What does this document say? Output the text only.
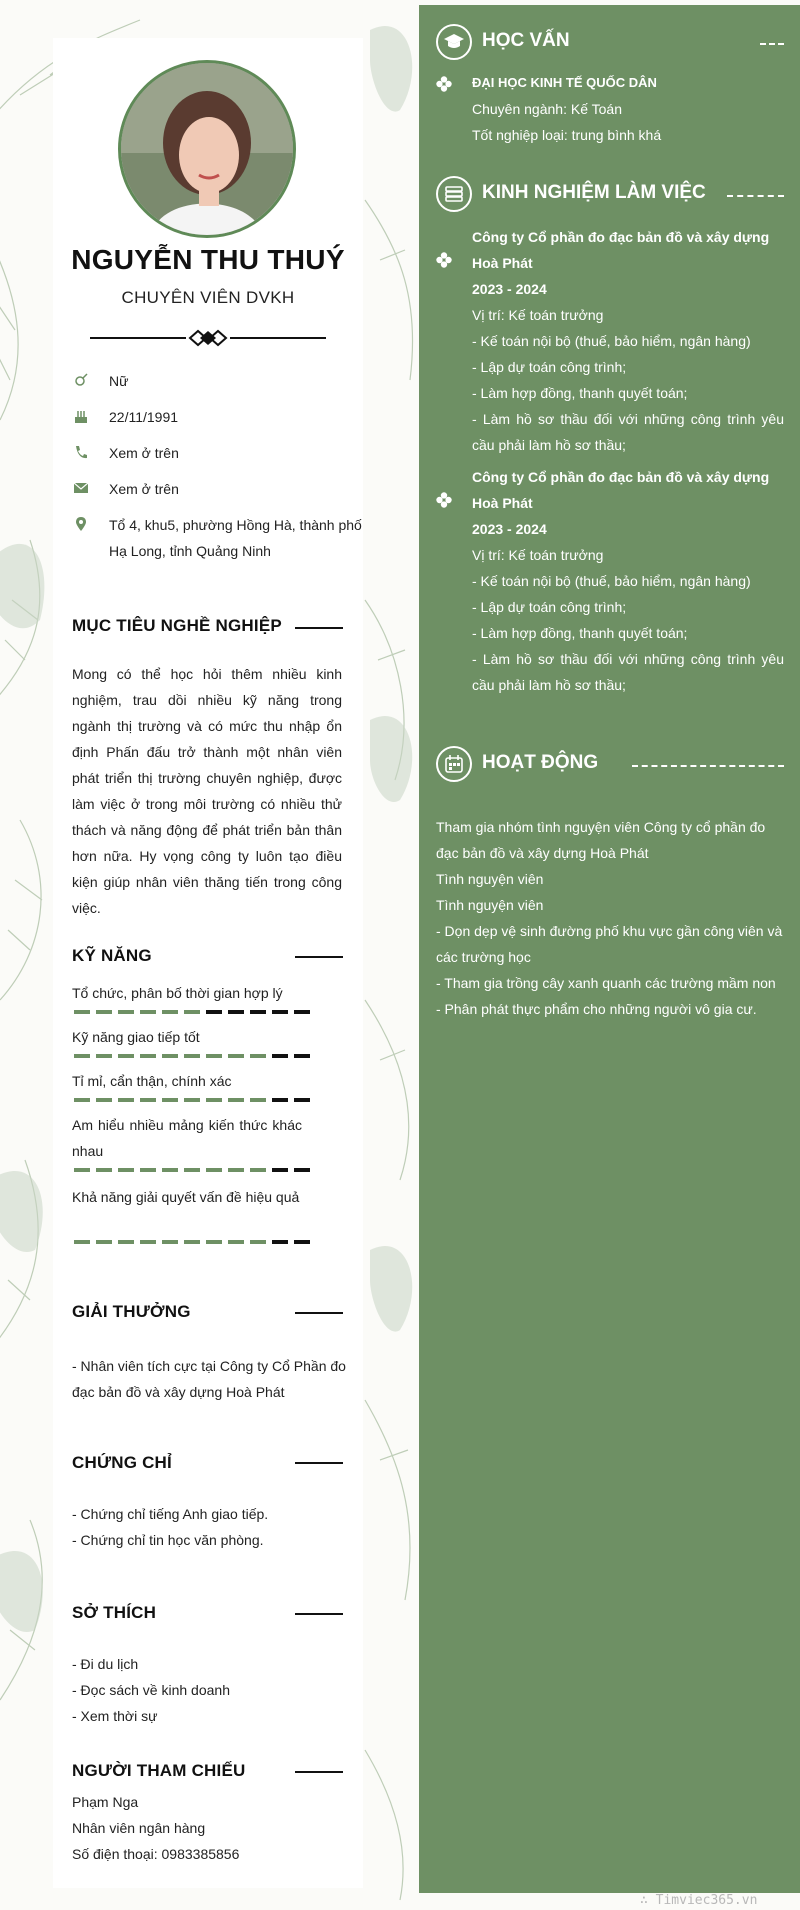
NGUYỄN THU THUÝ
CHUYÊN VIÊN DVKH
Nữ
22/11/1991
Xem ở trên
Xem ở trên
Tổ 4, khu5, phường Hồng Hà, thành phố Hạ Long, tỉnh Quảng Ninh
MỤC TIÊU NGHỀ NGHIỆP
Mong có thể học hỏi thêm nhiều kinh nghiệm, trau dồi nhiều kỹ năng trong ngành thị trường và có mức thu nhập ổn định Phấn đấu trở thành một nhân viên phát triển thị trường chuyên nghiệp, được làm việc ở trong môi trường có nhiều thử thách và năng động để phát triển bản thân hơn nữa. Hy vọng công ty luôn tạo điều kiện giúp nhân viên thăng tiến trong công việc.
KỸ NĂNG
Tổ chức, phân bố thời gian hợp lý
Kỹ năng giao tiếp tốt
Tỉ mỉ, cẩn thận, chính xác
Am hiểu nhiều mảng kiến thức khác nhau
Khả năng giải quyết vấn đề hiệu quả
GIẢI THƯỞNG
- Nhân viên tích cực tại Công ty Cổ Phần đo đạc bản đồ và xây dựng Hoà Phát
CHỨNG CHỈ
- Chứng chỉ tiếng Anh giao tiếp.
- Chứng chỉ tin học văn phòng.
SỞ THÍCH
- Đi du lịch
- Đọc sách về kinh doanh
- Xem thời sự
NGƯỜI THAM CHIẾU
Phạm Nga
Nhân viên ngân hàng
Số điện thoại: 0983385856
HỌC VẤN
ĐẠI HỌC KINH TẾ QUỐC DÂN
Chuyên ngành: Kế Toán
Tốt nghiệp loại: trung bình khá
KINH NGHIỆM LÀM VIỆC
Công ty Cổ phần đo đạc bản đồ và xây dựng Hoà Phát
2023 - 2024
Vị trí: Kế toán trưởng
- Kế toán nội bộ (thuế, bảo hiểm, ngân hàng)
- Lập dự toán công trình;
- Làm hợp đồng, thanh quyết toán;
- Làm hồ sơ thầu đối với những công trình yêu cầu phải làm hồ sơ thầu;
Công ty Cổ phần đo đạc bản đồ và xây dựng Hoà Phát
2023 - 2024
Vị trí: Kế toán trưởng
- Kế toán nội bộ (thuế, bảo hiểm, ngân hàng)
- Lập dự toán công trình;
- Làm hợp đồng, thanh quyết toán;
- Làm hồ sơ thầu đối với những công trình yêu cầu phải làm hồ sơ thầu;
HOẠT ĐỘNG
Tham gia nhóm tình nguyện viên Công ty cổ phần đo đạc bản đồ và xây dựng Hoà Phát
Tình nguyện viên
Tình nguyện viên
- Dọn dẹp vệ sinh đường phố khu vực gần công viên và các trường học
- Tham gia trồng cây xanh quanh các trường mầm non
- Phân phát thực phẩm cho những người vô gia cư.
∴ Timviec365.vn
